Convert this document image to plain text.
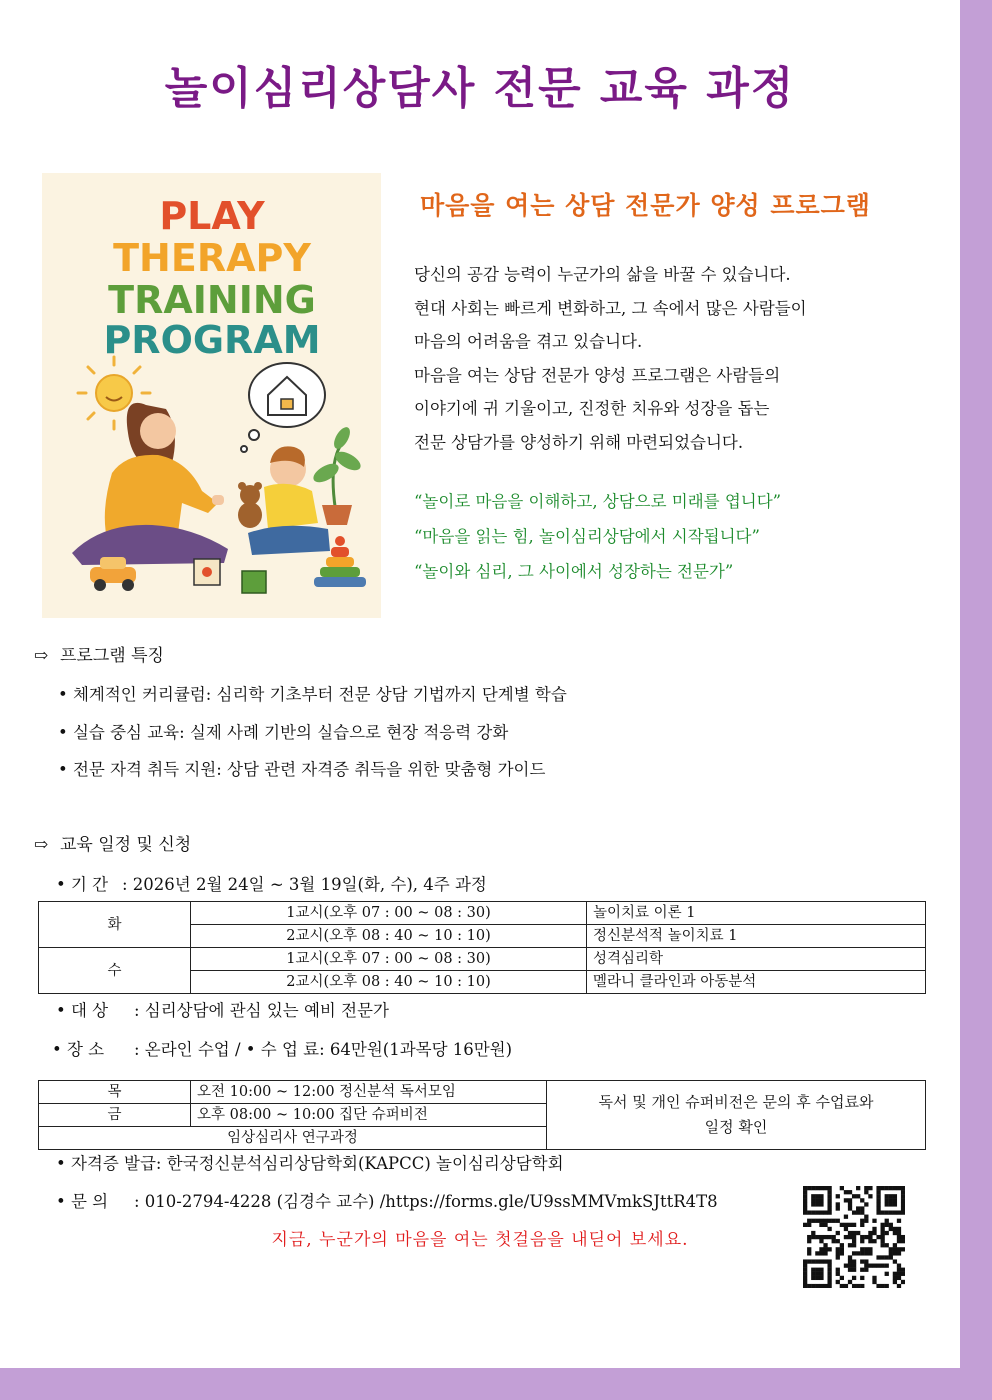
놀이심리상담사 전문 교육 과정
PLAY
THERAPY
TRAINING
PROGRAM
마음을 여는 상담 전문가 양성 프로그램
당신의 공감 능력이 누군가의 삶을 바꿀 수 있습니다.
현대 사회는 빠르게 변화하고, 그 속에서 많은 사람들이
마음의 어려움을 겪고 있습니다.
마음을 여는 상담 전문가 양성 프로그램은 사람들의
이야기에 귀 기울이고, 진정한 치유와 성장을 돕는
전문 상담가를 양성하기 위해 마련되었습니다.
“놀이로 마음을 이해하고, 상담으로 미래를 엽니다”
“마음을 읽는 힘, 놀이심리상담에서 시작됩니다”
“놀이와 심리, 그 사이에서 성장하는 전문가”
⇨ 프로그램 특징
• 체계적인 커리큘럼: 심리학 기초부터 전문 상담 기법까지 단계별 학습
• 실습 중심 교육: 실제 사례 기반의 실습으로 현장 적응력 강화
• 전문 자격 취득 지원: 상담 관련 자격증 취득을 위한 맞춤형 가이드
⇨ 교육 일정 및 신청
• 기 간 : 2026년 2월 24일 ~ 3월 19일(화, 수), 4주 과정
화	1교시(오후 07 : 00 ~ 08 : 30)	놀이치료 이론 1
	2교시(오후 08 : 40 ~ 10 : 10)	정신분석적 놀이치료 1
수	1교시(오후 07 : 00 ~ 08 : 30)	성격심리학
	2교시(오후 08 : 40 ~ 10 : 10)	멜라니 클라인과 아동분석
• 대 상 : 심리상담에 관심 있는 예비 전문가
• 장 소 : 온라인 수업 / • 수 업 료: 64만원(1과목당 16만원)
목	오전 10:00 ~ 12:00 정신분석 독서모임	독서 및 개인 슈퍼비전은 문의 후 수업료와
일정 확인

금	오후 08:00 ~ 10:00 집단 슈퍼비전	
임상심리사 연구과정		
• 자격증 발급: 한국정신분석심리상담학회(KAPCC) 놀이심리상담학회
• 문 의 : 010-2794-4228 (김경수 교수) /https://forms.gle/U9ssMMVmkSJttR4T8
지금, 누군가의 마음을 여는 첫걸음을 내딛어 보세요.
